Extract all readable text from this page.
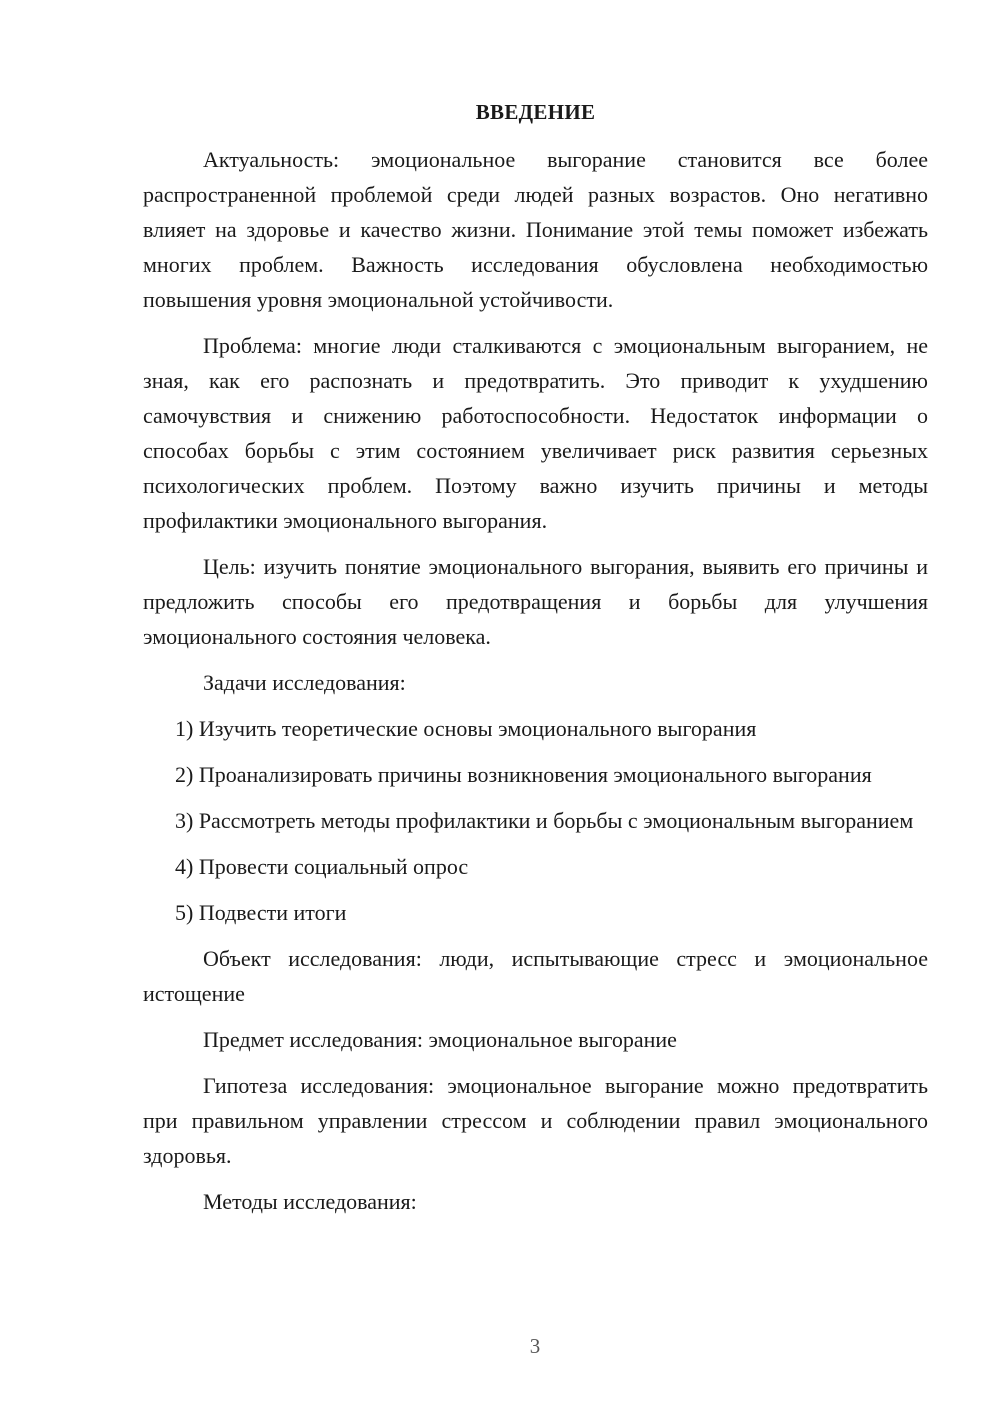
ВВЕДЕНИЕ

Актуальность: эмоциональное выгорание становится все более распространенной проблемой среди людей разных возрастов. Оно негативно влияет на здоровье и качество жизни. Понимание этой темы поможет избежать многих проблем. Важность исследования обусловлена необходимостью повышения уровня эмоциональной устойчивости.

Проблема: многие люди сталкиваются с эмоциональным выгоранием, не зная, как его распознать и предотвратить. Это приводит к ухудшению самочувствия и снижению работоспособности. Недостаток информации о способах борьбы с этим состоянием увеличивает риск развития серьезных психологических проблем. Поэтому важно изучить причины и методы профилактики эмоционального выгорания.

Цель: изучить понятие эмоционального выгорания, выявить его причины и предложить способы его предотвращения и борьбы для улучшения эмоционального состояния человека.

Задачи исследования:

1) Изучить теоретические основы эмоционального выгорания

2) Проанализировать причины возникновения эмоционального выгорания

3) Рассмотреть методы профилактики и борьбы с эмоциональным выгоранием

4) Провести социальный опрос

5) Подвести итоги

Объект исследования: люди, испытывающие стресс и эмоциональное истощение

Предмет исследования: эмоциональное выгорание

Гипотеза исследования: эмоциональное выгорание можно предотвратить при правильном управлении стрессом и соблюдении правил эмоционального здоровья.

Методы исследования:

3
